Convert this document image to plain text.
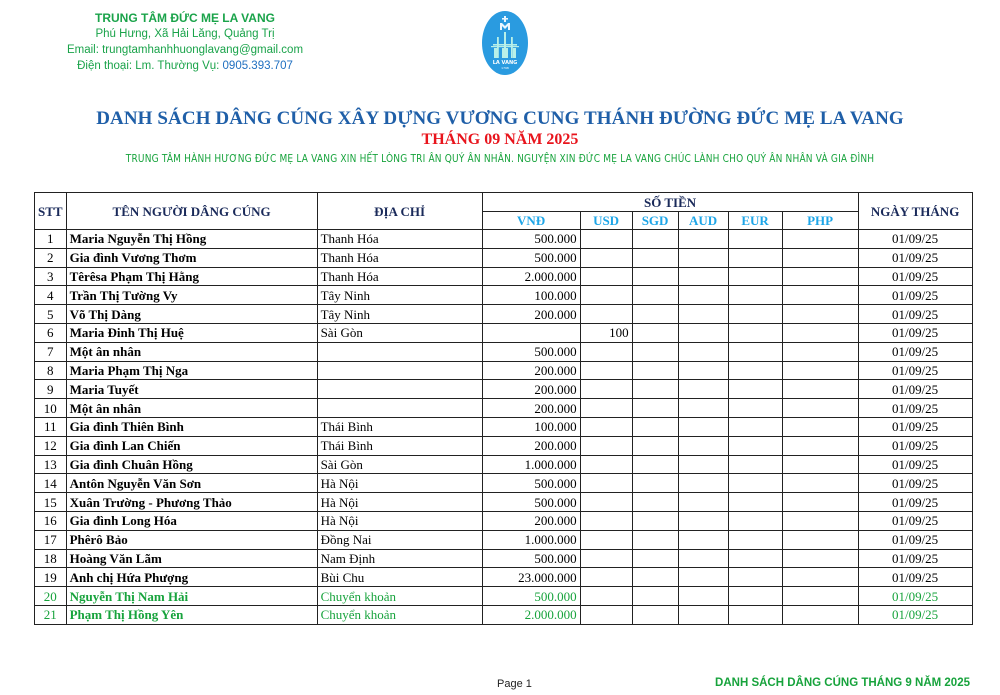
TRUNG TÂM ĐỨC MẸ LA VANG
Phú Hưng, Xã Hải Lăng, Quảng Trị
Email: trungtamhanhhuonglavang@gmail.com
Điện thoại: Lm. Thường Vụ: 0905.393.707	LA VANG
1798
DANH SÁCH DÂNG CÚNG XÂY DỰNG VƯƠNG CUNG THÁNH ĐƯỜNG ĐỨC MẸ LA VANG
THÁNG 09 NĂM 2025
TRUNG TÂM HÀNH HƯƠNG ĐỨC MẸ LA VANG XIN HẾT LÒNG TRI ÂN QUÝ ÂN NHÂN. NGUYỆN XIN ĐỨC MẸ LA VANG CHÚC LÀNH CHO QUÝ ÂN NHÂN VÀ GIA ĐÌNH
STT	TÊN NGƯỜI DÂNG CÚNG	ĐỊA CHỈ	SỐ TIỀN						NGÀY THÁNG
			VNĐ	USD	SGD	AUD	EUR	PHP	
1	Maria Nguyễn Thị Hồng	Thanh Hóa	500.000						01/09/25
2	Gia đình Vương Thơm	Thanh Hóa	500.000						01/09/25
3	Têrêsa Phạm Thị Hằng	Thanh Hóa	2.000.000						01/09/25
4	Trần Thị Tường Vy	Tây Ninh	100.000						01/09/25
5	Võ Thị Dàng	Tây Ninh	200.000						01/09/25
6	Maria Đinh Thị Huệ	Sài Gòn		100					01/09/25
7	Một ân nhân		500.000						01/09/25
8	Maria Phạm Thị Nga		200.000						01/09/25
9	Maria Tuyết		200.000						01/09/25
10	Một ân nhân		200.000						01/09/25
11	Gia đình Thiên Bình	Thái Bình	100.000						01/09/25
12	Gia đình Lan Chiến	Thái Bình	200.000						01/09/25
13	Gia đình Chuân Hồng	Sài Gòn	1.000.000						01/09/25
14	Antôn Nguyễn Văn Sơn	Hà Nội	500.000						01/09/25
15	Xuân Trường - Phương Thảo	Hà Nội	500.000						01/09/25
16	Gia đình Long Hóa	Hà Nội	200.000						01/09/25
17	Phêrô Bảo	Đồng Nai	1.000.000						01/09/25
18	Hoàng Văn Lãm	Nam Định	500.000						01/09/25
19	Anh chị Hứa Phượng	Bùi Chu	23.000.000						01/09/25
20	Nguyễn Thị Nam Hải	Chuyển khoản	500.000						01/09/25
21	Phạm Thị Hồng Yên	Chuyển khoản	2.000.000						01/09/25
Page 1	DANH SÁCH DÂNG CÚNG THÁNG 9 NĂM 2025
